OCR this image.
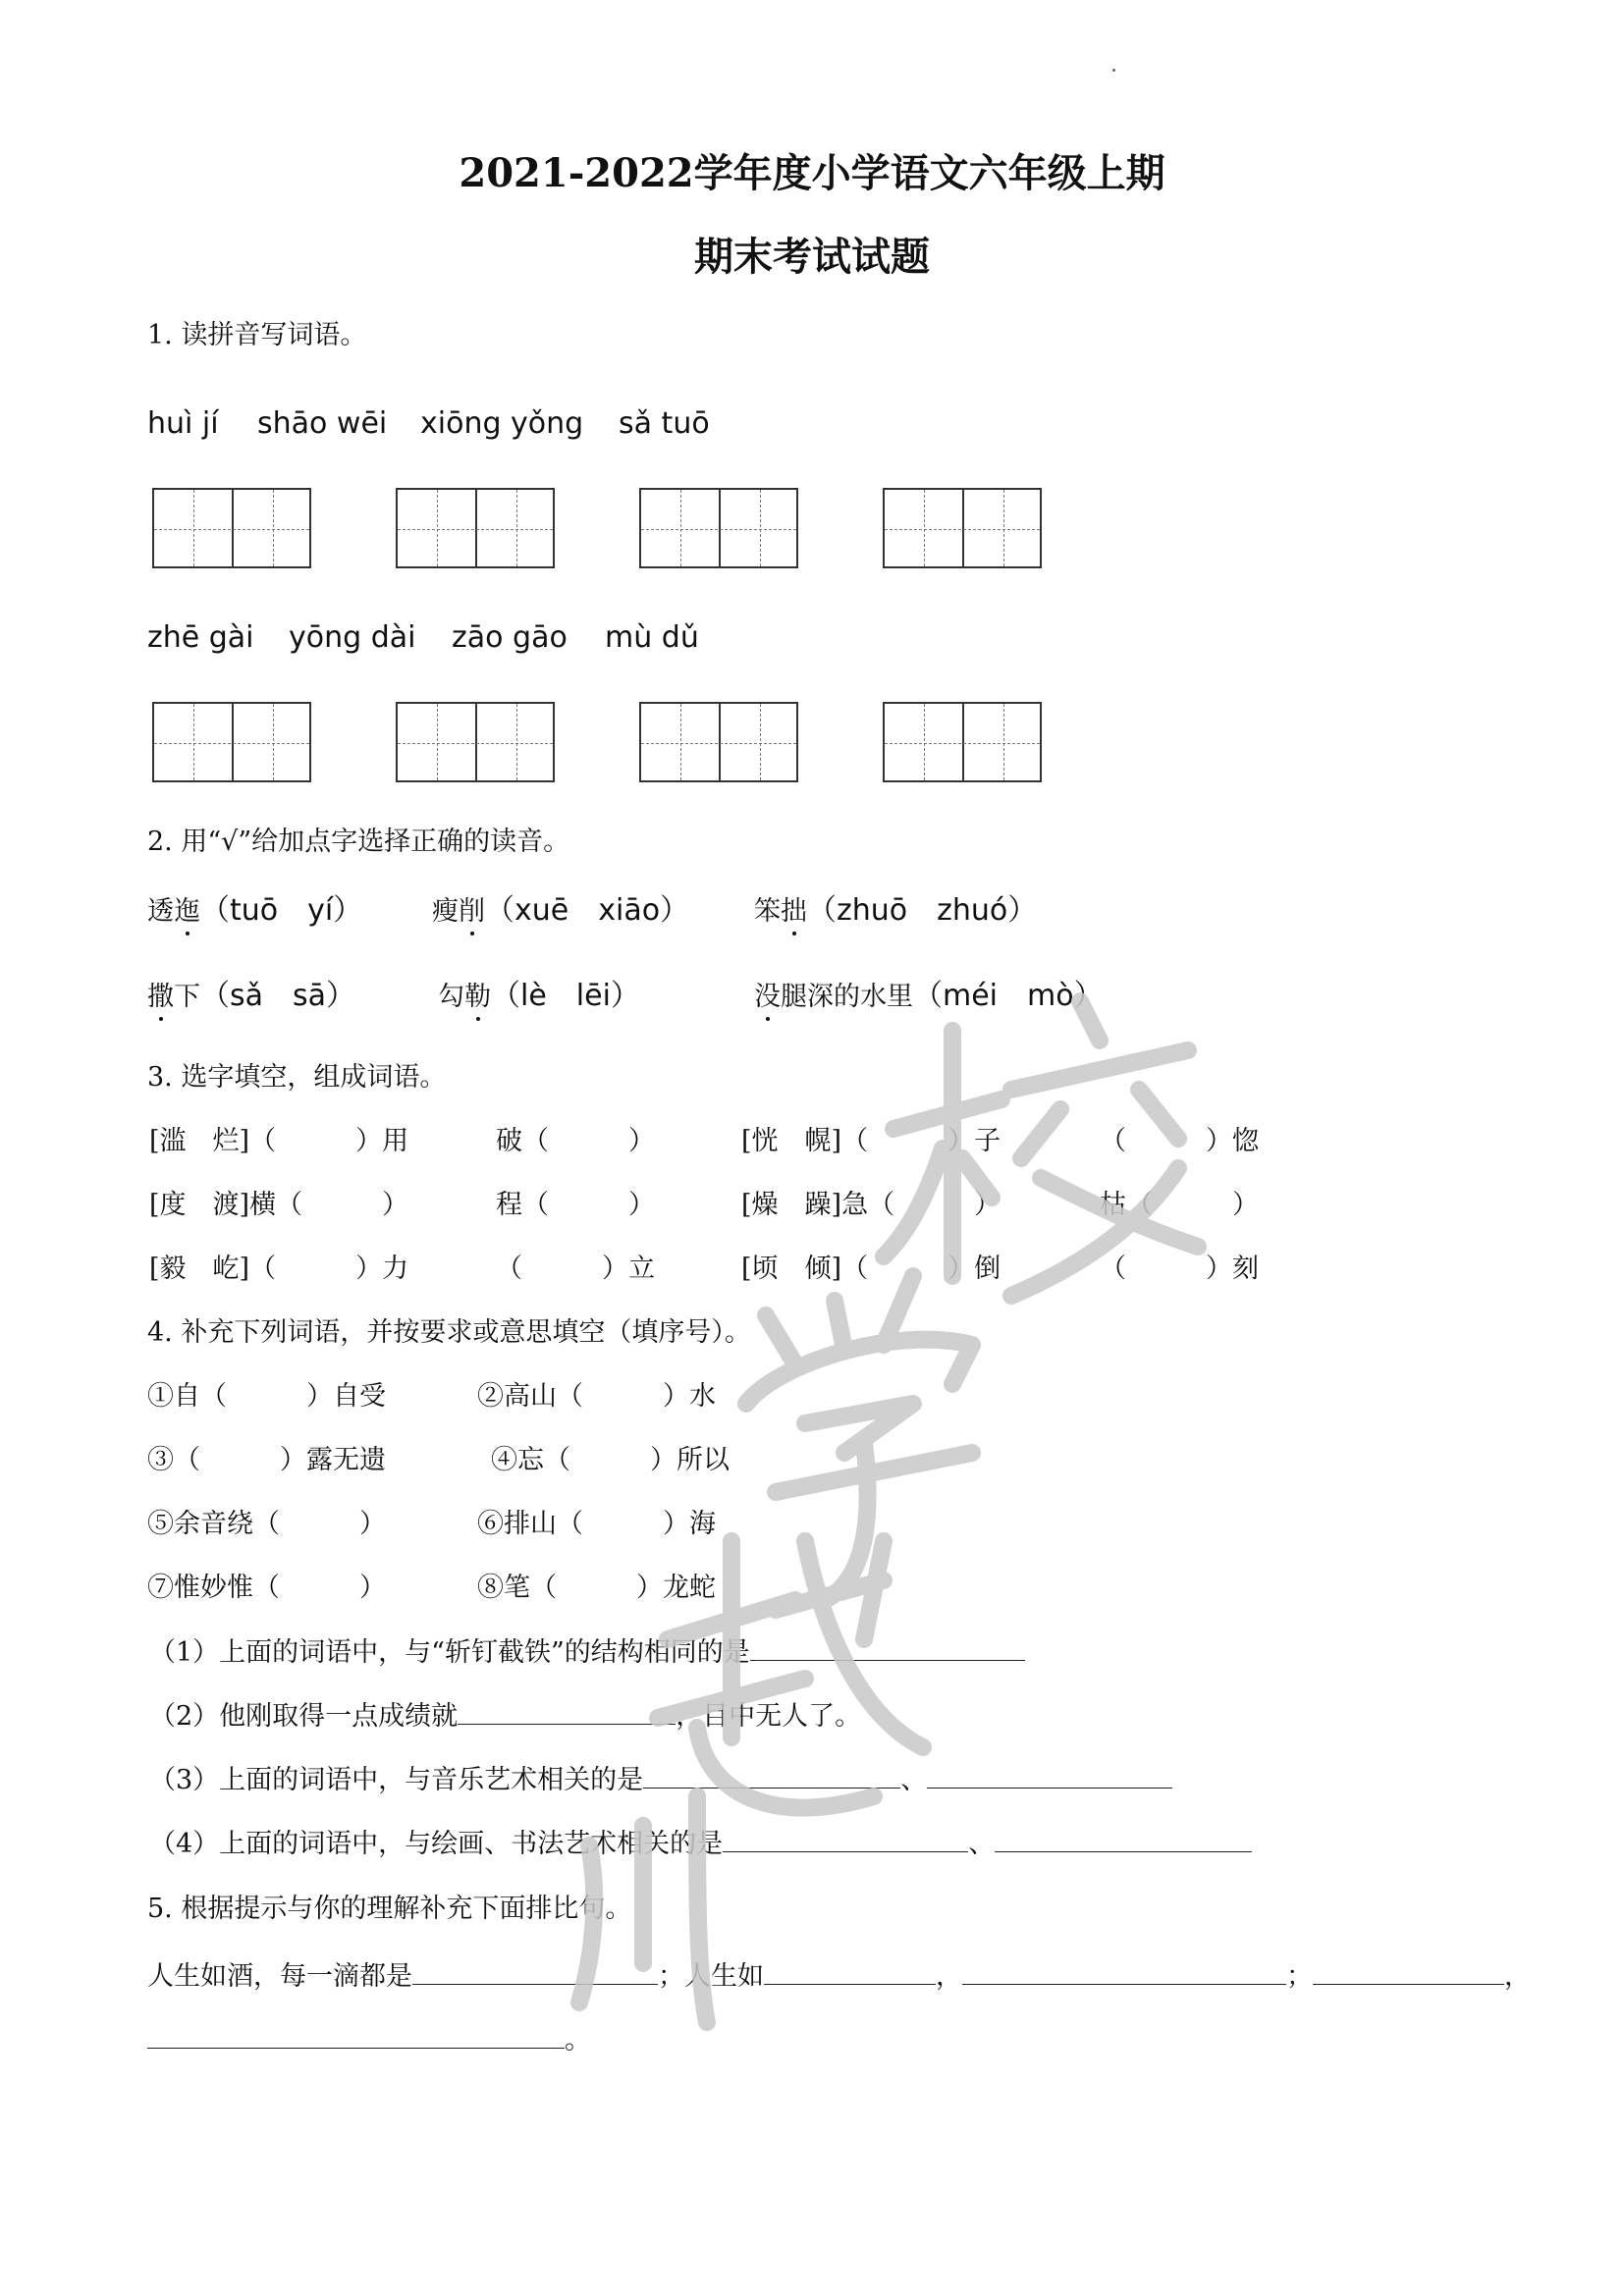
2021-2022学年度小学语文六年级上期
期末考试试题
1. 读拼音写词语。
huì jí shāo wēi xiōng yǒng sǎ tuō
zhē gài yōng dài zāo gāo mù dǔ
2. 用“√”给加点字选择正确的读音。
透迤（tuō　yí）	瘦削（xuē　xiāo） 笨拙（zhuō　zhuó）
撒下（sǎ　sā）	勾勒（lè　lēi）	没腿深的水里（méi　mò）
3. 选字填空，组成词语。
[滥　烂]（　　　）用	破（　　　）	[恍　幌]（　　　）子	（　　　）惚
[度　渡]横（　　　）	程（　　　）	[燥　躁]急（　　　）	枯（　　　）
[毅　屹]（　　　）力	（　　　）立	[顷　倾]（　　　）倒	（　　　）刻
4. 补充下列词语，并按要求或意思填空（填序号）。
①自（　　　）自受	②高山（　　　）水
③（　　　）露无遗	④忘（　　　）所以
⑤余音绕（　　　）	⑥排山（　　　）海
⑦惟妙惟（　　　）	⑧笔（　　　）龙蛇
（1）上面的词语中，与“斩钉截铁”的结构相同的是
（2）他刚取得一点成绩就	，目中无人了。
（3）上面的词语中，与音乐艺术相关的是	、
（4）上面的词语中，与绘画、书法艺术相关的是	、
5. 根据提示与你的理解补充下面排比句。
人生如酒，每一滴都是	；人生如	，	；	，
。
